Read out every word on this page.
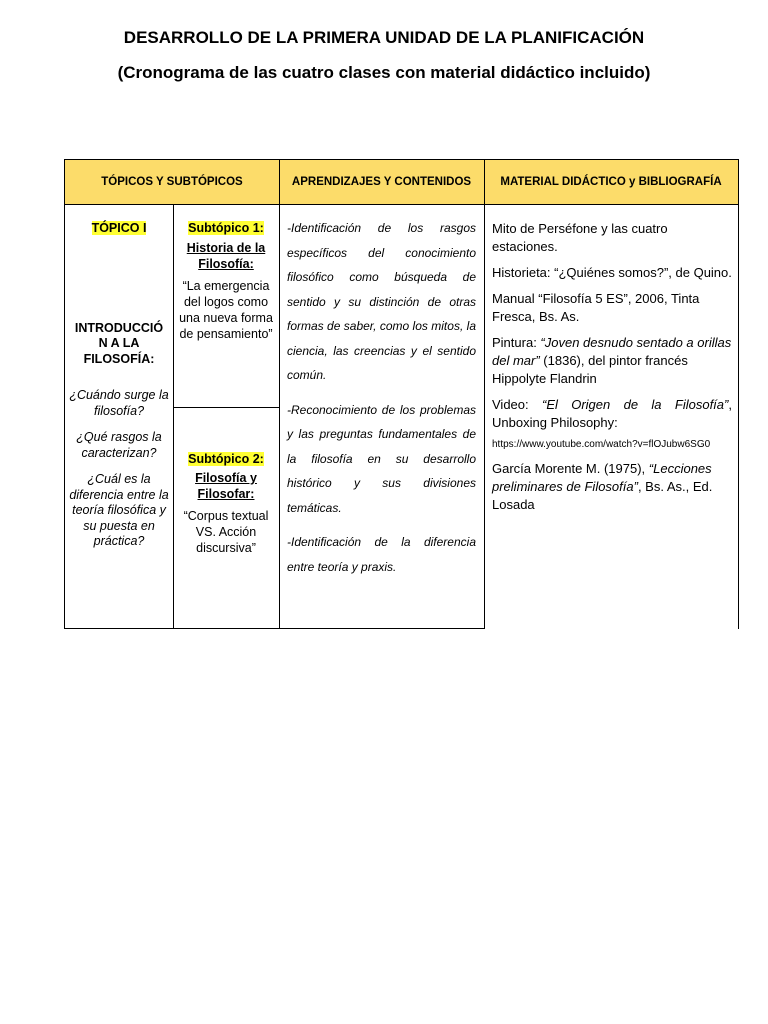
DESARROLLO DE LA PRIMERA UNIDAD DE LA PLANIFICACIÓN
(Cronograma de las cuatro clases con material didáctico incluido)
TÓPICOS Y SUBTÓPICOS	APRENDIZAJES Y CONTENIDOS	MATERIAL DIDÁCTICO y BIBLIOGRAFÍA
TÓPICO I
INTRODUCCIÓ
N A LA
FILOSOFÍA:
¿Cuándo surge la filosofía?
¿Qué rasgos la caracterizan?
¿Cuál es la diferencia entre la teoría filosófica y su puesta en práctica?
Subtópico 1:
Historia de la Filosofía:
“La emergencia del logos como una nueva forma de pensamiento”
Subtópico 2:
Filosofía y Filosofar:
“Corpus textual VS. Acción discursiva”

-Identificación de los rasgos específicos del conocimiento filosófico como búsqueda de sentido y su distinción de otras formas de saber, como los mitos, la ciencia, las creencias y el sentido común.

-Reconocimiento de los problemas y las preguntas fundamentales de la filosofía en su desarrollo histórico y sus divisiones temáticas.

-Identificación de la diferencia entre teoría y praxis.

Mito de Perséfone y las cuatro estaciones.

Historieta: “¿Quiénes somos?”, de Quino.

Manual “Filosofía 5 ES”, 2006, Tinta Fresca, Bs. As.

Pintura: “Joven desnudo sentado a orillas del mar” (1836), del pintor francés Hippolyte Flandrin

Video: “El Origen de la Filosofía”, Unboxing Philosophy:

https://www.youtube.com/watch?v=flOJubw6SG0

García Morente M. (1975), “Lecciones preliminares de Filosofía”, Bs. As., Ed. Losada
